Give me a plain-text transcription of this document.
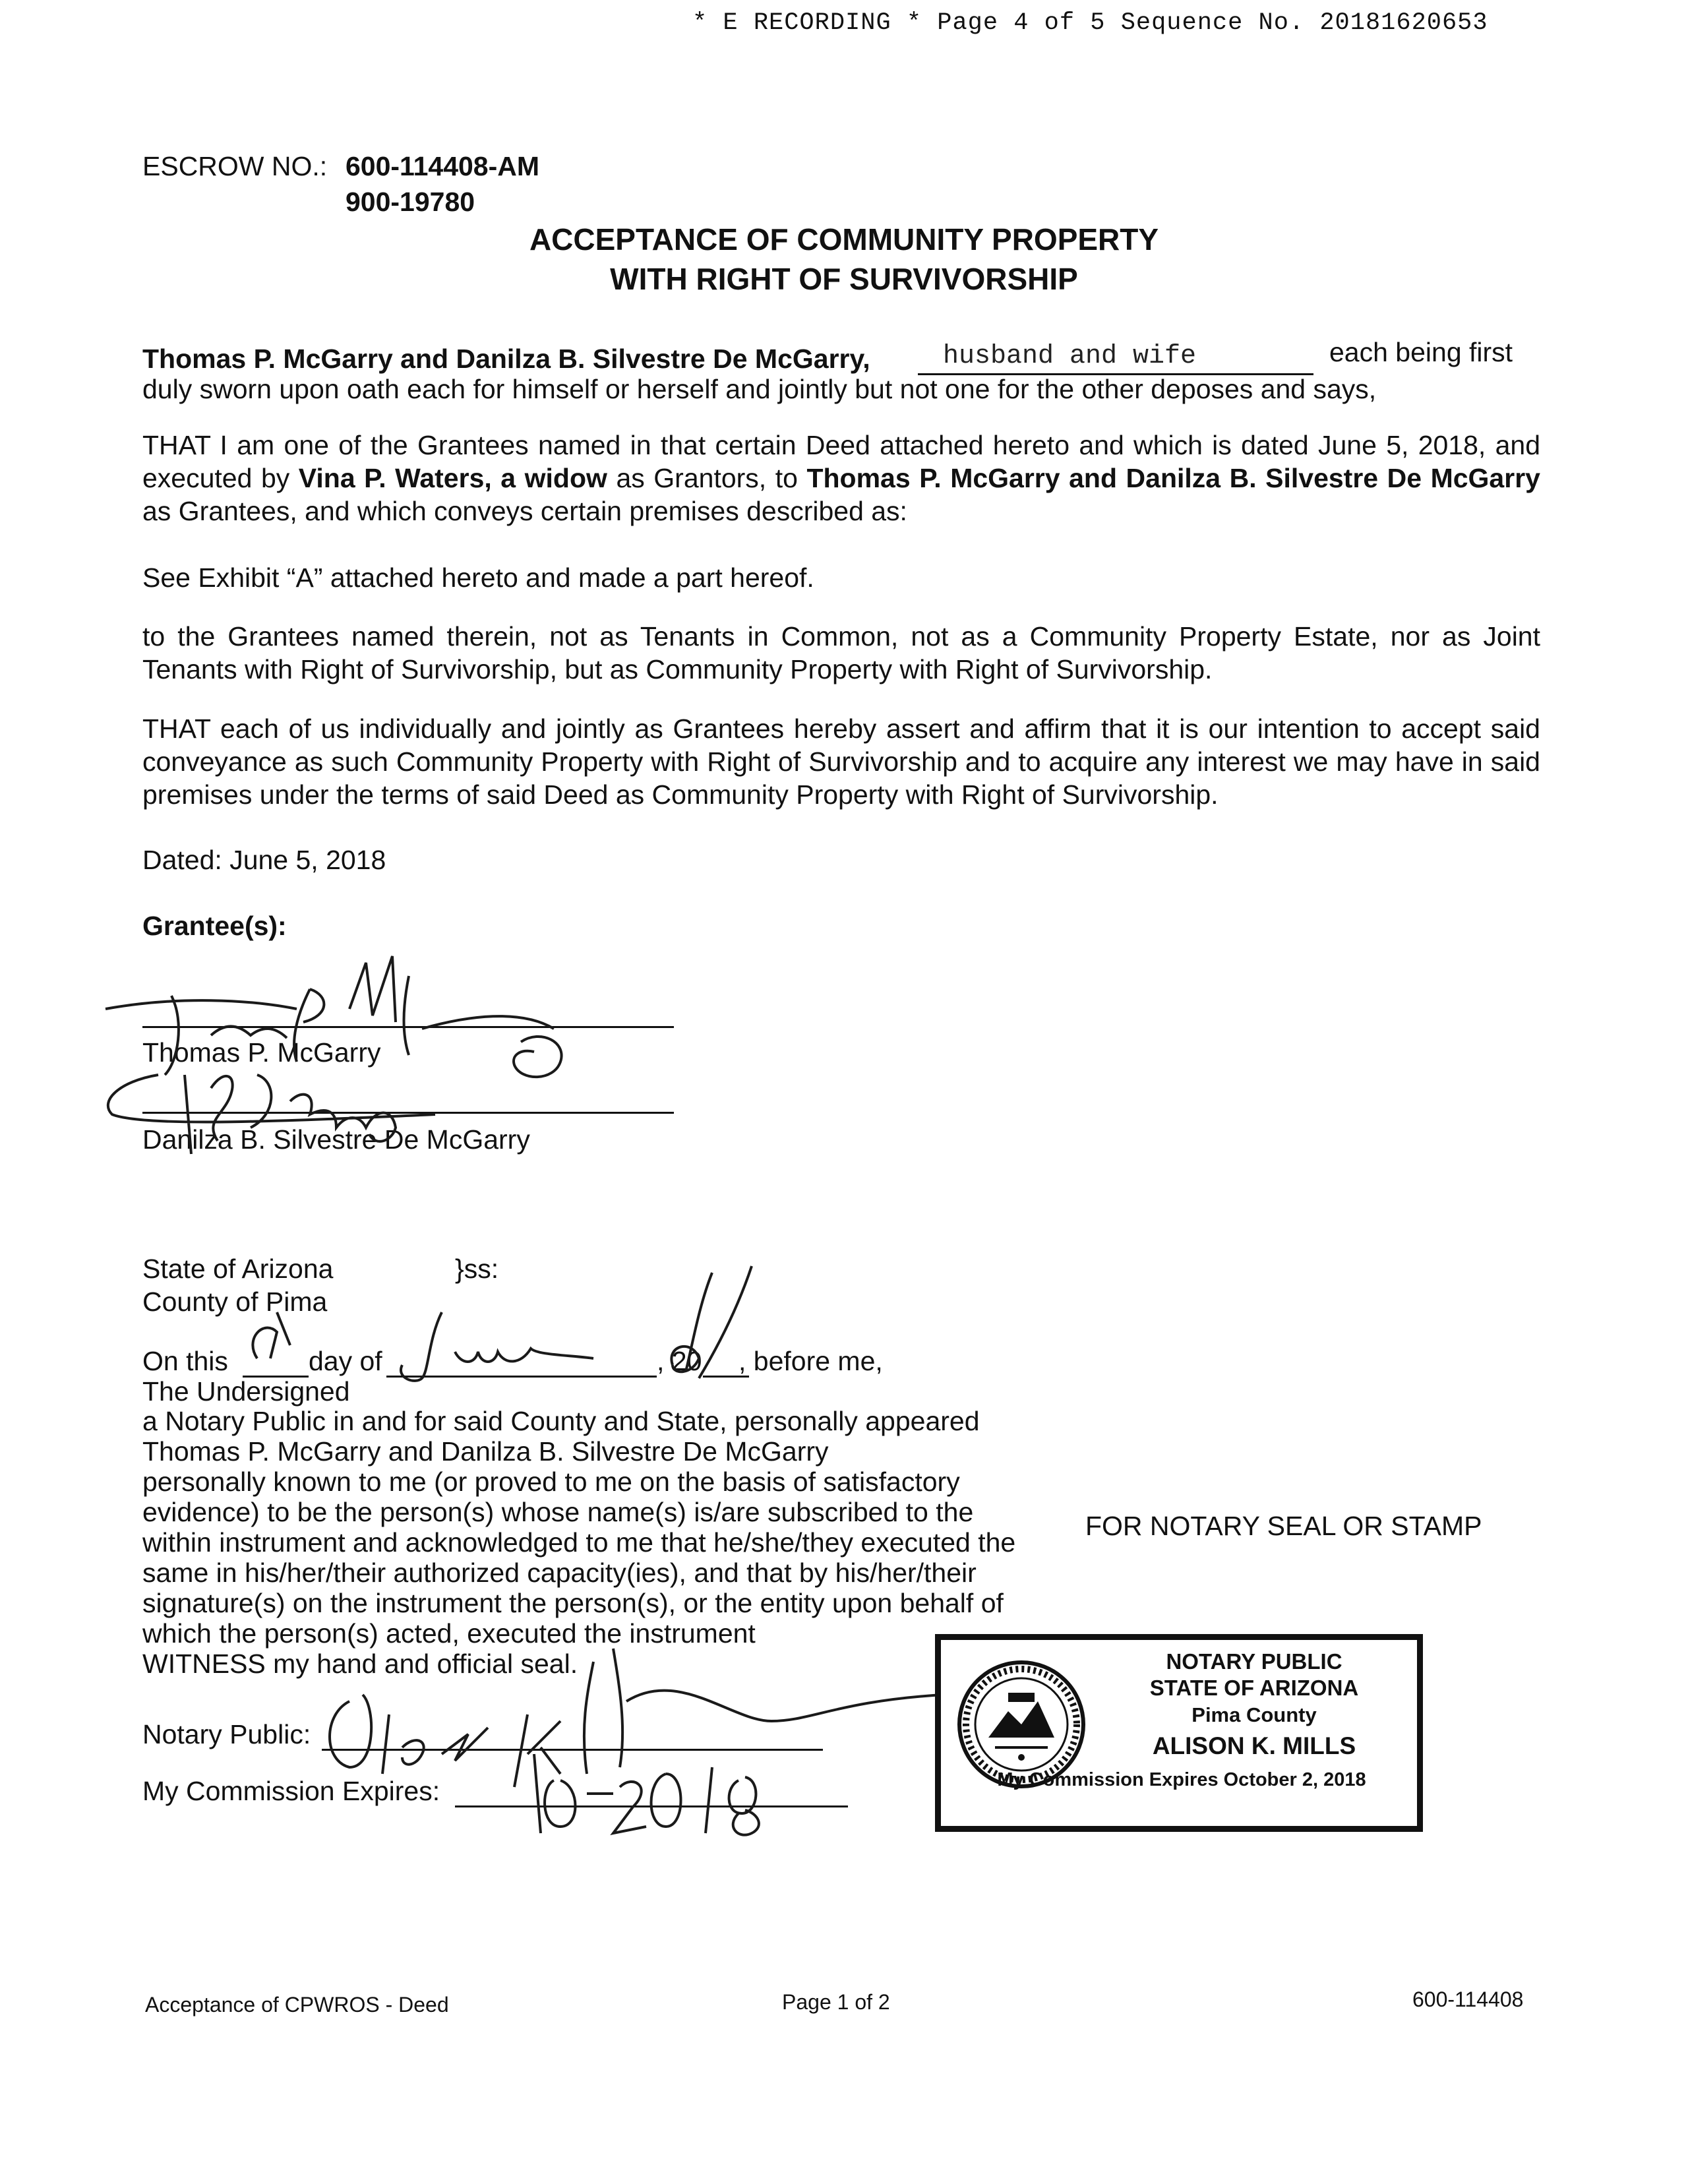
* E RECORDING * Page 4 of 5 Sequence No. 20181620653
ESCROW NO.: 600-114408-AM
900-19780
ACCEPTANCE OF COMMUNITY PROPERTY
WITH RIGHT OF SURVIVORSHIP
Thomas P. McGarry and Danilza B. Silvestre De McGarry,	husband and wife	each being first
duly sworn upon oath each for himself or herself and jointly but not one for the other deposes and says,
THAT I am one of the Grantees named in that certain Deed attached hereto and which is dated June 5, 2018, and executed by Vina P. Waters, a widow as Grantors, to Thomas P. McGarry and Danilza B. Silvestre De McGarry as Grantees, and which conveys certain premises described as:
See Exhibit “A” attached hereto and made a part hereof.
to the Grantees named therein, not as Tenants in Common, not as a Community Property Estate, nor as Joint Tenants with Right of Survivorship, but as Community Property with Right of Survivorship.
THAT each of us individually and jointly as Grantees hereby assert and affirm that it is our intention to accept said conveyance as such Community Property with Right of Survivorship and to acquire any interest we may have in said premises under the terms of said Deed as Community Property with Right of Survivorship.
Dated: June 5, 2018
Grantee(s):
Thomas P. McGarry
Danilza B. Silvestre De McGarry
State of Arizona	}ss:
County of Pima
On this	day of	, 20 , before me,
The Undersigned
a Notary Public in and for said County and State, personally appeared
Thomas P. McGarry and Danilza B. Silvestre De McGarry
personally known to me (or proved to me on the basis of satisfactory
evidence) to be the person(s) whose name(s) is/are subscribed to the
within instrument and acknowledged to me that he/she/they executed the
same in his/her/their authorized capacity(ies), and that by his/her/their
signature(s) on the instrument the person(s), or the entity upon behalf of
which the person(s) acted, executed the instrument
WITNESS my hand and official seal.
FOR NOTARY SEAL OR STAMP
Notary Public:
My Commission Expires:
NOTARY PUBLIC
STATE OF ARIZONA
Pima County
ALISON K. MILLS
My Commission Expires October 2, 2018
Acceptance of CPWROS - Deed	Page 1 of 2	600-114408
